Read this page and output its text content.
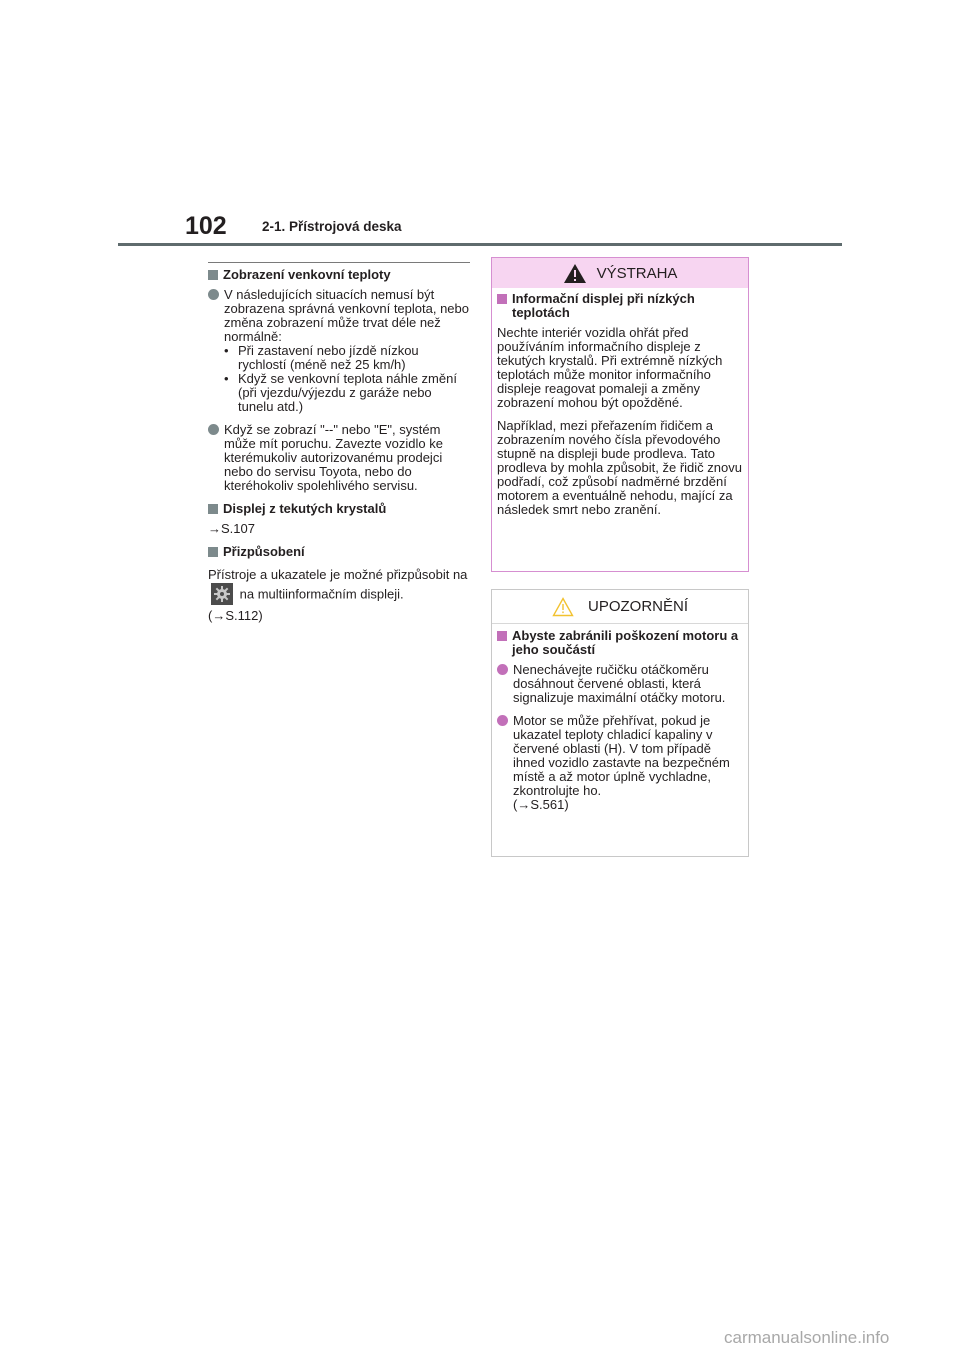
102	2-1. Přístrojová deska
Zobrazení venkovní teploty
V následujících situacích nemusí být zobrazena správná venkovní teplota, nebo změna zobrazení může trvat déle než normálně:
• Při zastavení nebo jízdě nízkou rychlostí (méně než 25 km/h)
• Když se venkovní teplota náhle změní (při vjezdu/výjezdu z garáže nebo tunelu atd.)
Když se zobrazí "--" nebo "E", systém může mít poruchu. Zavezte vozidlo ke kterémukoliv autorizovanému prodejci nebo do servisu Toyota, nebo do kteréhokoliv spolehlivého servisu.
Displej z tekutých krystalů
→S.107
Přizpůsobení
Přístroje a ukazatele je možné přizpůsobit na
na multiinformačním displeji.
(→S.112)
VÝSTRAHA
Informační displej při nízkých teplotách

Nechte interiér vozidla ohřát před používáním informačního displeje z tekutých krystalů. Při extrémně nízkých teplotách může monitor informačního displeje reagovat pomaleji a změny zobrazení mohou být opožděné.

Například, mezi přeřazením řidičem a zobrazením nového čísla převodového stupně na displeji bude prodleva. Tato prodleva by mohla způsobit, že řidič znovu podřadí, což způsobí nadměrné brzdění motorem a eventuálně nehodu, mající za následek smrt nebo zranění.

UPOZORNĚNÍ
Abyste zabránili poškození motoru a jeho součástí
Nenechávejte ručičku otáčkoměru dosáhnout červené oblasti, která signalizuje maximální otáčky motoru.
Motor se může přehřívat, pokud je ukazatel teploty chladicí kapaliny v červené oblasti (H). V tom případě ihned vozidlo zastavte na bezpečném místě a až motor úplně vychladne, zkontrolujte ho.
(→S.561)
carmanualsonline.info
